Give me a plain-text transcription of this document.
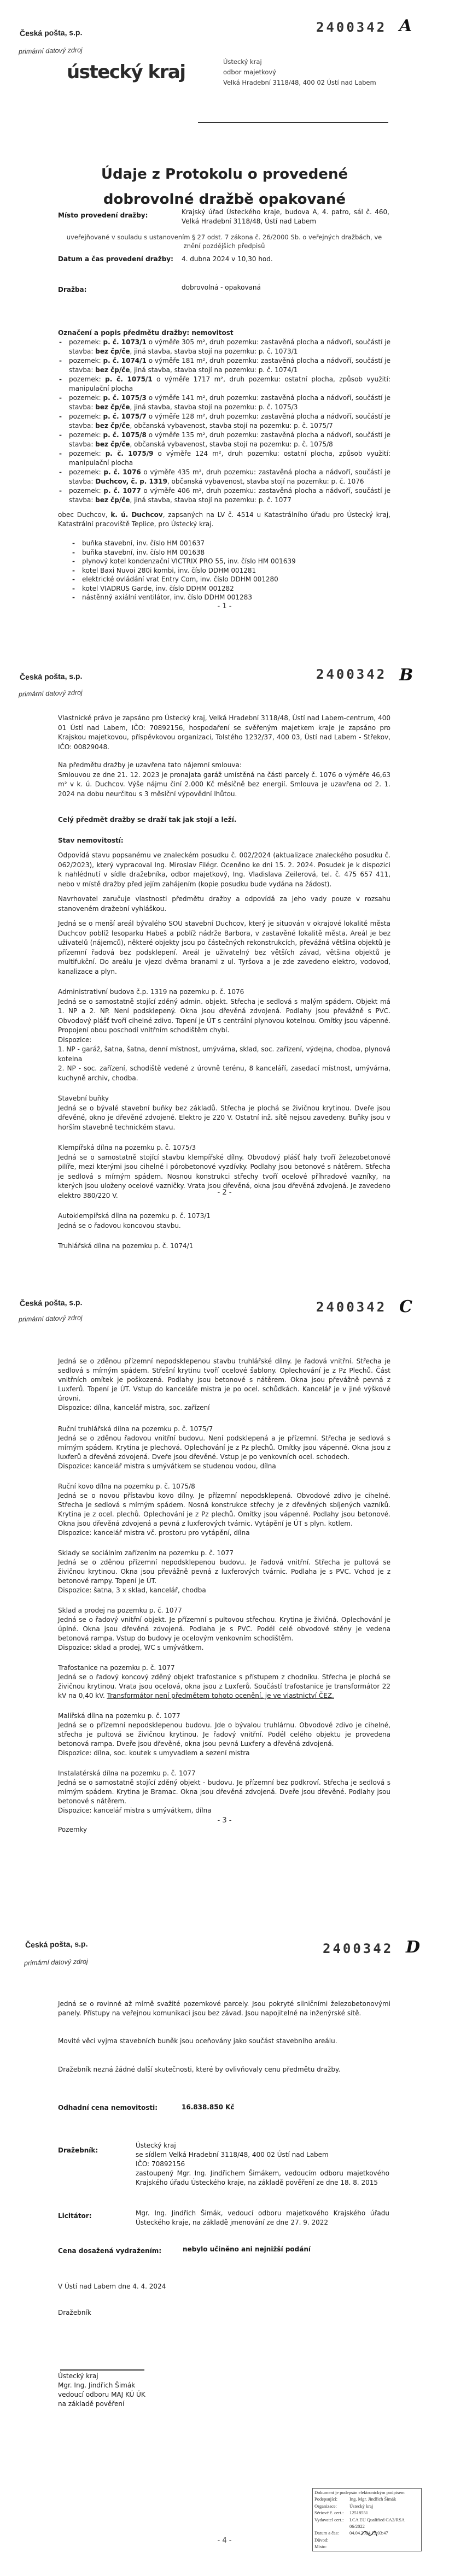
Česká pošta, s.p.
primární datový zdroj
2400342 A
ústecký kraj	Ústecký kraj
odbor majetkový
Velká Hradební 3118/48, 400 02 Ústí nad Labem
Údaje z Protokolu o provedené
dobrovolné dražbě opakované
uveřejňované v souladu s ustanovením § 27 odst. 7 zákona č. 26/2000 Sb. o veřejných dražbách, ve znění pozdějších předpisů
Místo provedení dražby:	Krajský úřad Ústeckého kraje, budova A, 4. patro, sál č. 460, Velká Hradební 3118/48, Ústí nad Labem
Datum a čas provedení dražby: 4. dubna 2024 v 10,30 hod.
Dražba:	dobrovolná - opakovaná
Označení a popis předmětu dražby: nemovitost
- pozemek: p. č. 1073/1 o výměře 305 m², druh pozemku: zastavěná plocha a nádvoří, součástí je stavba: bez čp/če, jiná stavba, stavba stojí na pozemku: p. č. 1073/1
- pozemek: p. č. 1074/1 o výměře 181 m², druh pozemku: zastavěná plocha a nádvoří, součástí je stavba: bez čp/če, jiná stavba, stavba stojí na pozemku: p. č. 1074/1
- pozemek: p. č. 1075/1 o výměře 1717 m², druh pozemku: ostatní plocha, způsob využití: manipulační plocha
- pozemek: p. č. 1075/3 o výměře 141 m², druh pozemku: zastavěná plocha a nádvoří, součástí je stavba: bez čp/če, jiná stavba, stavba stojí na pozemku: p. č. 1075/3
- pozemek: p. č. 1075/7 o výměře 128 m², druh pozemku: zastavěná plocha a nádvoří, součástí je stavba: bez čp/če, občanská vybavenost, stavba stojí na pozemku: p. č. 1075/7
- pozemek: p. č. 1075/8 o výměře 135 m², druh pozemku: zastavěná plocha a nádvoří, součástí je stavba: bez čp/če, občanská vybavenost, stavba stojí na pozemku: p. č. 1075/8
- pozemek: p. č. 1075/9 o výměře 124 m², druh pozemku: ostatní plocha, způsob využití: manipulační plocha
- pozemek: p. č. 1076 o výměře 435 m², druh pozemku: zastavěná plocha a nádvoří, součástí je stavba: Duchcov, č. p. 1319, občanská vybavenost, stavba stojí na pozemku: p. č. 1076
- pozemek: p. č. 1077 o výměře 406 m², druh pozemku: zastavěná plocha a nádvoří, součástí je stavba: bez čp/če, jiná stavba, stavba stojí na pozemku: p. č. 1077

obec Duchcov, k. ú. Duchcov, zapsaných na LV č. 4514 u Katastrálního úřadu pro Ústecký kraj, Katastrální pracoviště Teplice, pro Ústecký kraj.

- buňka stavební, inv. číslo HM 001637
- buňka stavební, inv. číslo HM 001638
- plynový kotel kondenzační VICTRIX PRO 55, inv. číslo HM 001639
- kotel Baxi Nuvoi 280i kombi, inv. číslo DDHM 001281
- elektrické ovládání vrat Entry Com, inv. číslo DDHM 001280
- kotel VIADRUS Garde, inv. číslo DDHM 001282
- nástěnný axiální ventilátor, inv. číslo DDHM 001283
- 1 -
Česká pošta, s.p.
primární datový zdroj
2400342 B

Vlastnické právo je zapsáno pro Ústecký kraj, Velká Hradební 3118/48, Ústí nad Labem-centrum, 400 01 Ústí nad Labem, IČO: 70892156, hospodaření se svěřeným majetkem kraje je zapsáno pro Krajskou majetkovou, příspěvkovou organizaci, Tolstého 1232/37, 400 03, Ústí nad Labem - Střekov, IČO: 00829048.

Na předmětu dražby je uzavřena tato nájemní smlouva:

Smlouvou ze dne 21. 12. 2023 je pronajata garáž umístěná na části parcely č. 1076 o výměře 46,63 m² v k. ú. Duchcov. Výše nájmu činí 2.000 Kč měsíčně bez energií. Smlouva je uzavřena od 2. 1. 2024 na dobu neurčitou s 3 měsíční výpovědní lhůtou.

Celý předmět dražby se draží tak jak stojí a leží.

Stav nemovitostí:

Odpovídá stavu popsanému ve znaleckém posudku č. 002/2024 (aktualizace znaleckého posudku č. 062/2023), který vypracoval Ing. Miroslav Filégr. Oceněno ke dni 15. 2. 2024. Posudek je k dispozici k nahlédnutí v sídle dražebníka, odbor majetkový, Ing. Vladislava Zeilerová, tel. č. 475 657 411, nebo v místě dražby před jejím zahájením (kopie posudku bude vydána na žádost).

Navrhovatel zaručuje vlastnosti předmětu dražby a odpovídá za jeho vady pouze v rozsahu stanoveném dražební vyhláškou.

Jedná se o menší areál bývalého SOU stavební Duchcov, který je situován v okrajové lokalitě města Duchcov poblíž lesoparku Habeš a poblíž nádrže Barbora, v zastavěné lokalitě města. Areál je bez uživatelů (nájemců), některé objekty jsou po částečných rekonstrukcích, převážná většina objektů je přízemní řadová bez podsklepení. Areál je uživatelný bez větších závad, většina objektů je multifukční. Do areálu je vjezd dvěma branami z ul. Tyršova a je zde zavedeno elektro, vodovod, kanalizace a plyn.

Administrativní budova č.p. 1319 na pozemku p. č. 1076
Jedná se o samostatně stojící zděný admin. objekt. Střecha je sedlová s malým spádem. Objekt má 1. NP a 2. NP. Není podsklepený. Okna jsou dřevěná zdvojená. Podlahy jsou převážně s PVC. Obvodový plášť tvoří cihelné zdivo. Topení je ÚT s centrální plynovou kotelnou. Omítky jsou vápenné. Propojení obou poschodí vnitřním schodištěm chybí.
Dispozice:
1. NP - garáž, šatna, šatna, denní místnost, umývárna, sklad, soc. zařízení, výdejna, chodba, plynová kotelna
2. NP - soc. zařízení, schodiště vedené z úrovně terénu, 8 kanceláří, zasedací místnost, umývárna, kuchyně archiv, chodba.
Stavební buňky
Jedná se o bývalé stavební buňky bez základů. Střecha je plochá se živičnou krytinou. Dveře jsou dřevěné, okno je dřevěné zdvojené. Elektro je 220 V. Ostatní inž. sítě nejsou zavedeny. Buňky jsou v horším stavebně technickém stavu.
Klempířská dílna na pozemku p. č. 1075/3
Jedná se o samostatně stojící stavbu klempířské dílny. Obvodový plášť haly tvoří železobetonové pilíře, mezi kterými jsou cihelné i pórobetonové vyzdívky. Podlahy jsou betonové s nátěrem. Střecha je sedlová s mírným spádem. Nosnou konstrukci střechy tvoří ocelové příhradové vazníky, na kterých jsou uloženy ocelové vazničky. Vrata jsou dřevěná, okna jsou dřevěná zdvojená. Je zavedeno elektro 380/220 V.
Autoklempířská dílna na pozemku p. č. 1073/1
Jedná se o řadovou koncovou stavbu.
Truhlářská dílna na pozemku p. č. 1074/1
- 2 -
Česká pošta, s.p.
primární datový zdroj
2400342 C

Jedná se o zděnou přízemní nepodsklepenou stavbu truhlářské dílny. Je řadová vnitřní. Střecha je sedlová s mírným spádem. Střešní krytinu tvoří ocelové šablony. Oplechování je z Pz Plechů. Část vnitřních omítek je poškozená. Podlahy jsou betonové s nátěrem. Okna jsou převážně pevná z Luxferů. Topení je ÚT. Vstup do kanceláře mistra je po ocel. schůdkách. Kancelář je v jiné výškové úrovni.
Dispozice: dílna, kancelář mistra, soc. zařízení

Ruční truhlářská dílna na pozemku p. č. 1075/7
Jedná se o zděnou řadovou vnitřní budovu. Není podsklepená a je přízemní. Střecha je sedlová s mírným spádem. Krytina je plechová. Oplechování je z Pz plechů. Omítky jsou vápenné. Okna jsou z luxferů a dřevěná zdvojená. Dveře jsou dřevěné. Vstup je po venkovních ocel. schodech.
Dispozice: kancelář mistra s umývátkem se studenou vodou, dílna
Ruční kovo dílna na pozemku p. č. 1075/8
Jedná se o novou přístavbu kovo dílny. Je přízemní nepodsklepená. Obvodové zdivo je cihelné. Střecha je sedlová s mírným spádem. Nosná konstrukce střechy je z dřevěných sbíjených vazníků. Krytina je z ocel. plechů. Oplechování je z Pz plechů. Omítky jsou vápenné. Podlahy jsou betonové. Okna jsou dřevěná zdvojená a pevná z luxferových tvárnic. Vytápění je ÚT s plyn. kotlem.
Dispozice: kancelář mistra vč. prostoru pro vytápění, dílna
Sklady se sociálním zařízením na pozemku p. č. 1077
Jedná se o zděnou přízemní nepodsklepenou budovu. Je řadová vnitřní. Střecha je pultová se živičnou krytinou. Okna jsou převážně pevná z luxferových tvárnic. Podlaha je s PVC. Vchod je z betonové rampy. Topení je ÚT.
Dispozice: šatna, 3 x sklad, kancelář, chodba
Sklad a prodej na pozemku p. č. 1077
Jedná se o řadový vnitřní objekt. Je přízemní s pultovou střechou. Krytina je živičná. Oplechování je úplné. Okna jsou dřevěná zdvojená. Podlaha je s PVC. Podél celé obvodové stěny je vedena betonová rampa. Vstup do budovy je ocelovým venkovním schodištěm.
Dispozice: sklad a prodej, WC s umývátkem.
Trafostanice na pozemku p. č. 1077
Jedná se o řadový koncový zděný objekt trafostanice s přístupem z chodníku. Střecha je plochá se živičnou krytinou. Vrata jsou ocelová, okna jsou z Luxferů. Součástí trafostanice je transformátor 22 kV na 0,40 kV. Transformátor není předmětem tohoto ocenění, je ve vlastnictví ČEZ.
Malířská dílna na pozemku p. č. 1077
Jedná se o přízemní nepodsklepenou budovu. Jde o bývalou truhlárnu. Obvodové zdivo je cihelné, střecha je pultová se živičnou krytinou. Je řadový vnitřní. Podél celého objektu je provedena betonová rampa. Dveře jsou dřevěné, okna jsou pevná Luxfery a dřevěná zdvojená.
Dispozice: dílna, soc. koutek s umyvadlem a sezení mistra
Instalatérská dílna na pozemku p. č. 1077
Jedná se o samostatně stojící zděný objekt - budovu. Je přízemní bez podkroví. Střecha je sedlová s mírným spádem. Krytina je Bramac. Okna jsou dřevěná zdvojená. Dveře jsou dřevěné. Podlahy jsou betonové s nátěrem.
Dispozice: kancelář mistra s umývátkem, dílna

Pozemky

- 3 -
Česká pošta, s.p.
primární datový zdroj
2400342 D
Jedná se o rovinné až mírně svažité pozemkové parcely. Jsou pokryté silničními železobetonovými panely. Přístupy na veřejnou komunikaci jsou bez závad. Jsou napojitelné na inženýrské sítě.
Movité věci vyjma stavebních buněk jsou oceňovány jako součást stavebního areálu.
Dražebník nezná žádné další skutečnosti, které by ovlivňovaly cenu předmětu dražby.
Odhadní cena nemovitosti:	16.838.850 Kč
Dražebník:
Ústecký kraj
se sídlem Velká Hradební 3118/48, 400 02 Ústí nad Labem
IČO: 70892156
zastoupený Mgr. Ing. Jindřichem Šimákem, vedoucím odboru majetkového Krajského úřadu Ústeckého kraje, na základě pověření ze dne 18. 8. 2015
Licitátor:	Mgr. Ing. Jindřich Šimák, vedoucí odboru majetkového Krajského úřadu Ústeckého kraje, na základě jmenování ze dne 27. 9. 2022
Cena dosažená vydražením:	nebylo učiněno ani nejnižší podání
V Ústí nad Labem dne 4. 4. 2024
Dražebník
Ústecký kraj
Mgr. Ing. Jindřich Šimák
vedoucí odboru MAJ KÚ ÚK
na základě pověření
Dokument je podepsán elektronickým podpisem
Podepsující:	Ing. Mgr. Jindřich Šimák
Organizace:	Ústecký kraj
Sériové č. cert.:	12518551
Vydavatel cert.:	I.CA EU Qualified CA2/RSA 06/2022
Datum a čas:	04.04.2024 15:03:47
Důvod:
Místo:
- 4 -
